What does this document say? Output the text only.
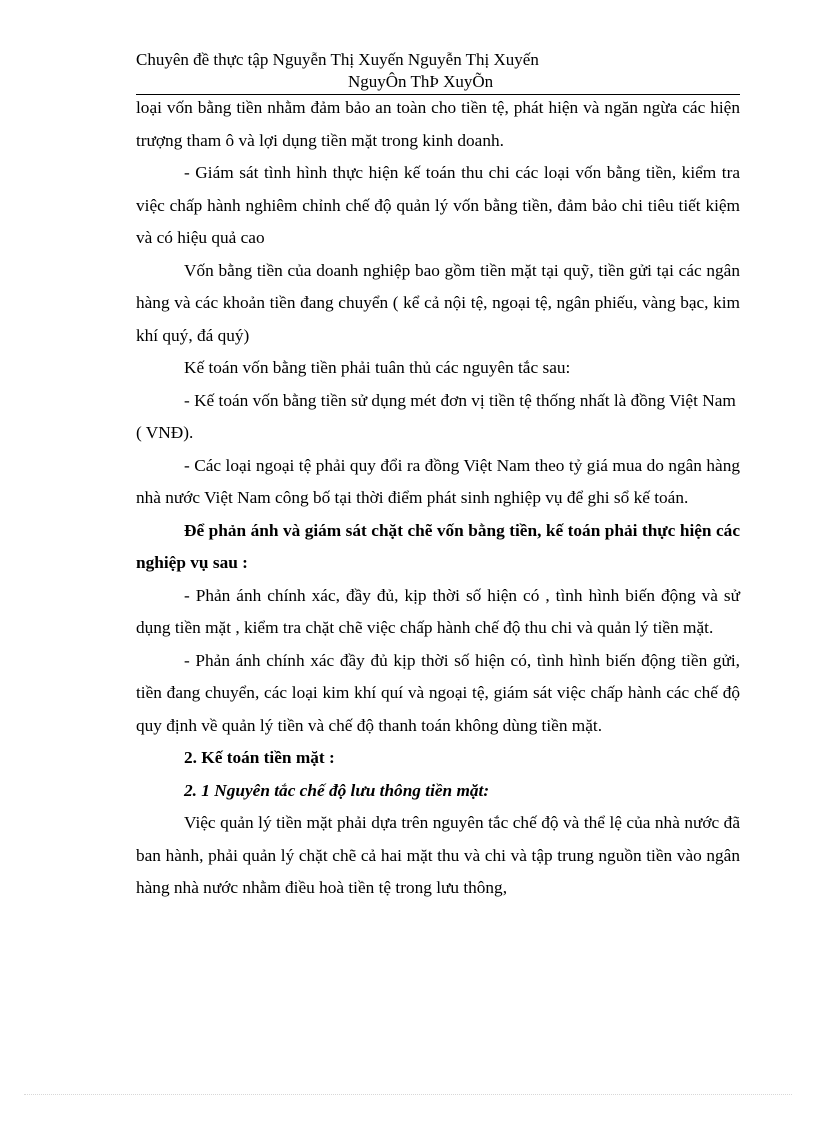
Chuyên đề thực tập Nguyễn Thị Xuyến Nguyễn Thị Xuyến
NguyÔn ThÞ XuyÕn

loại vốn bằng tiền nhằm đảm bảo an toàn cho tiền tệ, phát hiện và ngăn ngừa các hiện trượng tham ô và lợi dụng tiền mặt trong kinh doanh.

- Giám sát tình hình thực hiện kế toán thu chi các loại vốn bằng tiền, kiểm tra việc chấp hành nghiêm chỉnh chế độ quản lý vốn bằng tiền, đảm bảo chi tiêu tiết kiệm và có hiệu quả cao

Vốn bằng tiền của doanh nghiệp bao gồm tiền mặt tại quỹ, tiền gửi tại các ngân hàng và các khoản tiền đang chuyển ( kể cả nội tệ, ngoại tệ, ngân phiếu, vàng bạc, kim khí quý, đá quý)

Kế toán vốn bằng tiền phải tuân thủ các nguyên tắc sau:

- Kế toán vốn bằng tiền sử dụng mét đơn vị tiền tệ thống nhất là đồng Việt Nam

( VNĐ).

- Các loại ngoại tệ phải quy đổi ra đồng Việt Nam theo tỷ giá mua do ngân hàng nhà nước Việt Nam công bố tại thời điểm phát sinh nghiệp vụ để ghi sổ kế toán.

Để phản ánh và giám sát chặt chẽ vốn bằng tiền, kế toán phải thực hiện các nghiệp vụ sau :

- Phản ánh chính xác, đầy đủ, kịp thời số hiện có , tình hình biến động và sử dụng tiền mặt , kiểm tra chặt chẽ việc chấp hành chế độ thu chi và quản lý tiền mặt.

- Phản ánh chính xác đầy đủ kịp thời số hiện có, tình hình biến động tiền gửi, tiền đang chuyển, các loại kim khí quí và ngoại tệ, giám sát việc chấp hành các chế độ quy định về quản lý tiền và chế độ thanh toán không dùng tiền mặt.

2. Kế toán tiền mặt :

2. 1 Nguyên tắc chế độ lưu thông tiền mặt:

Việc quản lý tiền mặt phải dựa trên nguyên tắc chế độ và thể lệ của nhà nước đã ban hành, phải quản lý chặt chẽ cả hai mặt thu và chi và tập trung nguồn tiền vào ngân hàng nhà nước nhằm điều hoà tiền tệ trong lưu thông,
